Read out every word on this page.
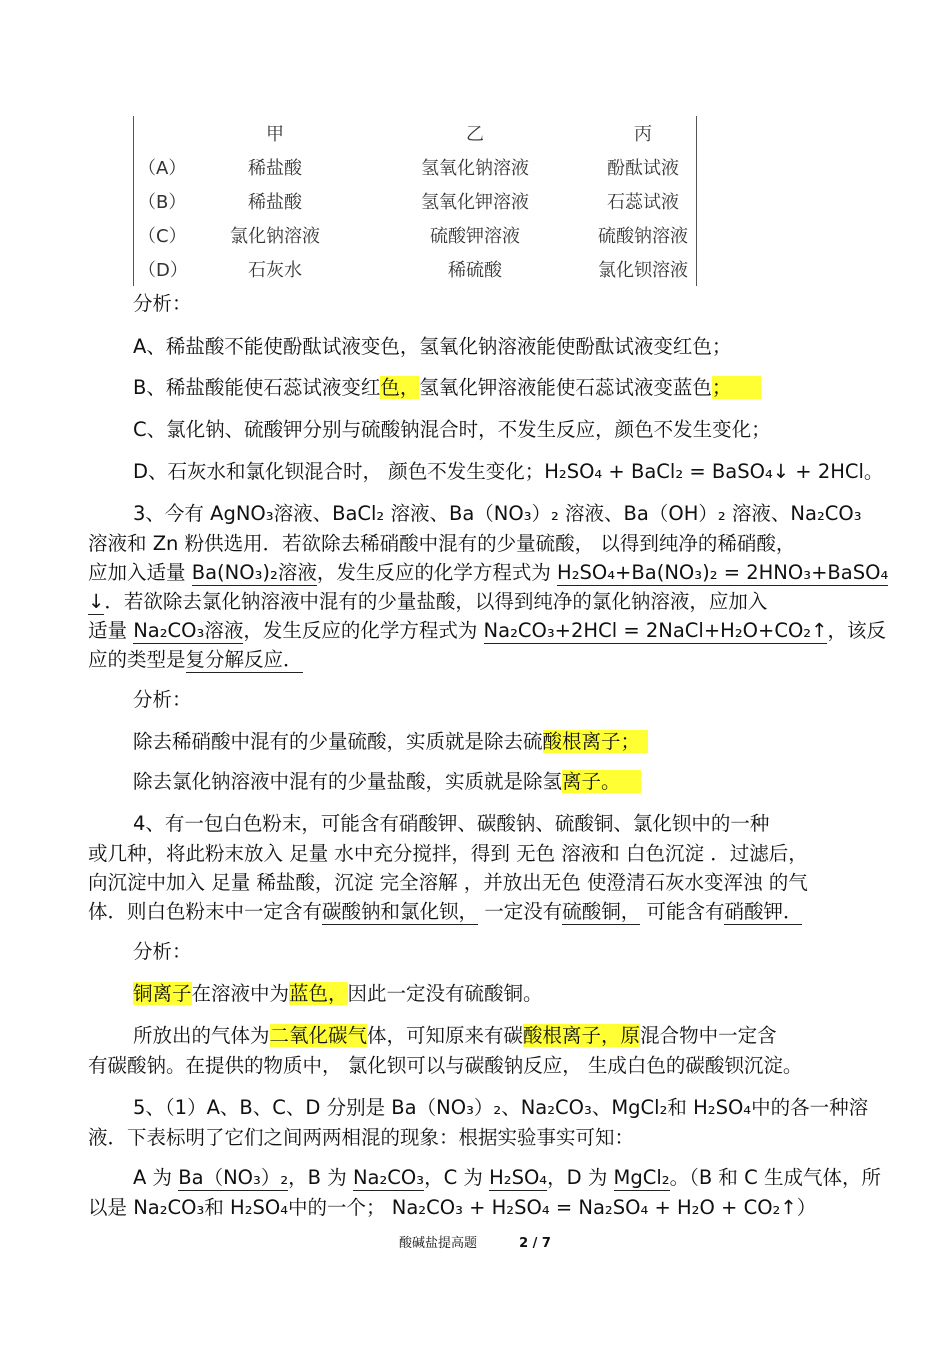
	甲	乙	丙
（A）	稀盐酸	氢氧化钠溶液	酚酞试液
（B）	稀盐酸	氢氧化钾溶液	石蕊试液
（C）	氯化钠溶液	硫酸钾溶液	硫酸钠溶液
（D）	石灰水	稀硫酸	氯化钡溶液
分析：
A、稀盐酸不能使酚酞试液变色，氢氧化钠溶液能使酚酞试液变红色；
B、稀盐酸能使石蕊试液变红色，氢氧化钾溶液能使石蕊试液变蓝色；
C、氯化钠、硫酸钾分别与硫酸钠混合时，不发生反应，颜色不发生变化；
D、石灰水和氯化钡混合时， 颜色不发生变化；H₂SO₄ + BaCl₂ = BaSO₄↓ + 2HCl。
3、今有 AgNO₃溶液、BaCl₂ 溶液、Ba（NO₃）₂ 溶液、Ba（OH）₂ 溶液、Na₂CO₃
溶液和 Zn 粉供选用．若欲除去稀硝酸中混有的少量硫酸， 以得到纯净的稀硝酸，
应加入适量 Ba(NO₃)₂溶液，发生反应的化学方程式为 H₂SO₄+Ba(NO₃)₂ = 2HNO₃+BaSO₄
↓．若欲除去氯化钠溶液中混有的少量盐酸，以得到纯净的氯化钠溶液，应加入
适量 Na₂CO₃溶液，发生反应的化学方程式为 Na₂CO₃+2HCl = 2NaCl+H₂O+CO₂↑，该反
应的类型是复分解反应．
分析：
除去稀硝酸中混有的少量硫酸，实质就是除去硫酸根离子；
除去氯化钠溶液中混有的少量盐酸，实质就是除氢离子。
4、有一包白色粉末，可能含有硝酸钾、碳酸钠、硫酸铜、氯化钡中的一种
或几种，将此粉末放入 足量 水中充分搅拌，得到 无色 溶液和 白色沉淀 ．过滤后，
向沉淀中加入 足量 稀盐酸，沉淀 完全溶解 ，并放出无色 使澄清石灰水变浑浊 的气
体．则白色粉末中一定含有碳酸钠和氯化钡， 一定没有硫酸铜， 可能含有硝酸钾．
分析：
铜离子在溶液中为蓝色，因此一定没有硫酸铜。
所放出的气体为二氧化碳气体，可知原来有碳酸根离子，原混合物中一定含
有碳酸钠。在提供的物质中， 氯化钡可以与碳酸钠反应， 生成白色的碳酸钡沉淀。
5、（1）A、B、C、D 分别是 Ba（NO₃）₂、Na₂CO₃、MgCl₂和 H₂SO₄中的各一种溶
液．下表标明了它们之间两两相混的现象：根据实验事实可知：
A 为 Ba（NO₃）₂，B 为 Na₂CO₃，C 为 H₂SO₄，D 为 MgCl₂。（B 和 C 生成气体，所
以是 Na₂CO₃和 H₂SO₄中的一个； Na₂CO₃ + H₂SO₄ = Na₂SO₄ + H₂O + CO₂↑）
酸碱盐提高题	2 / 7
